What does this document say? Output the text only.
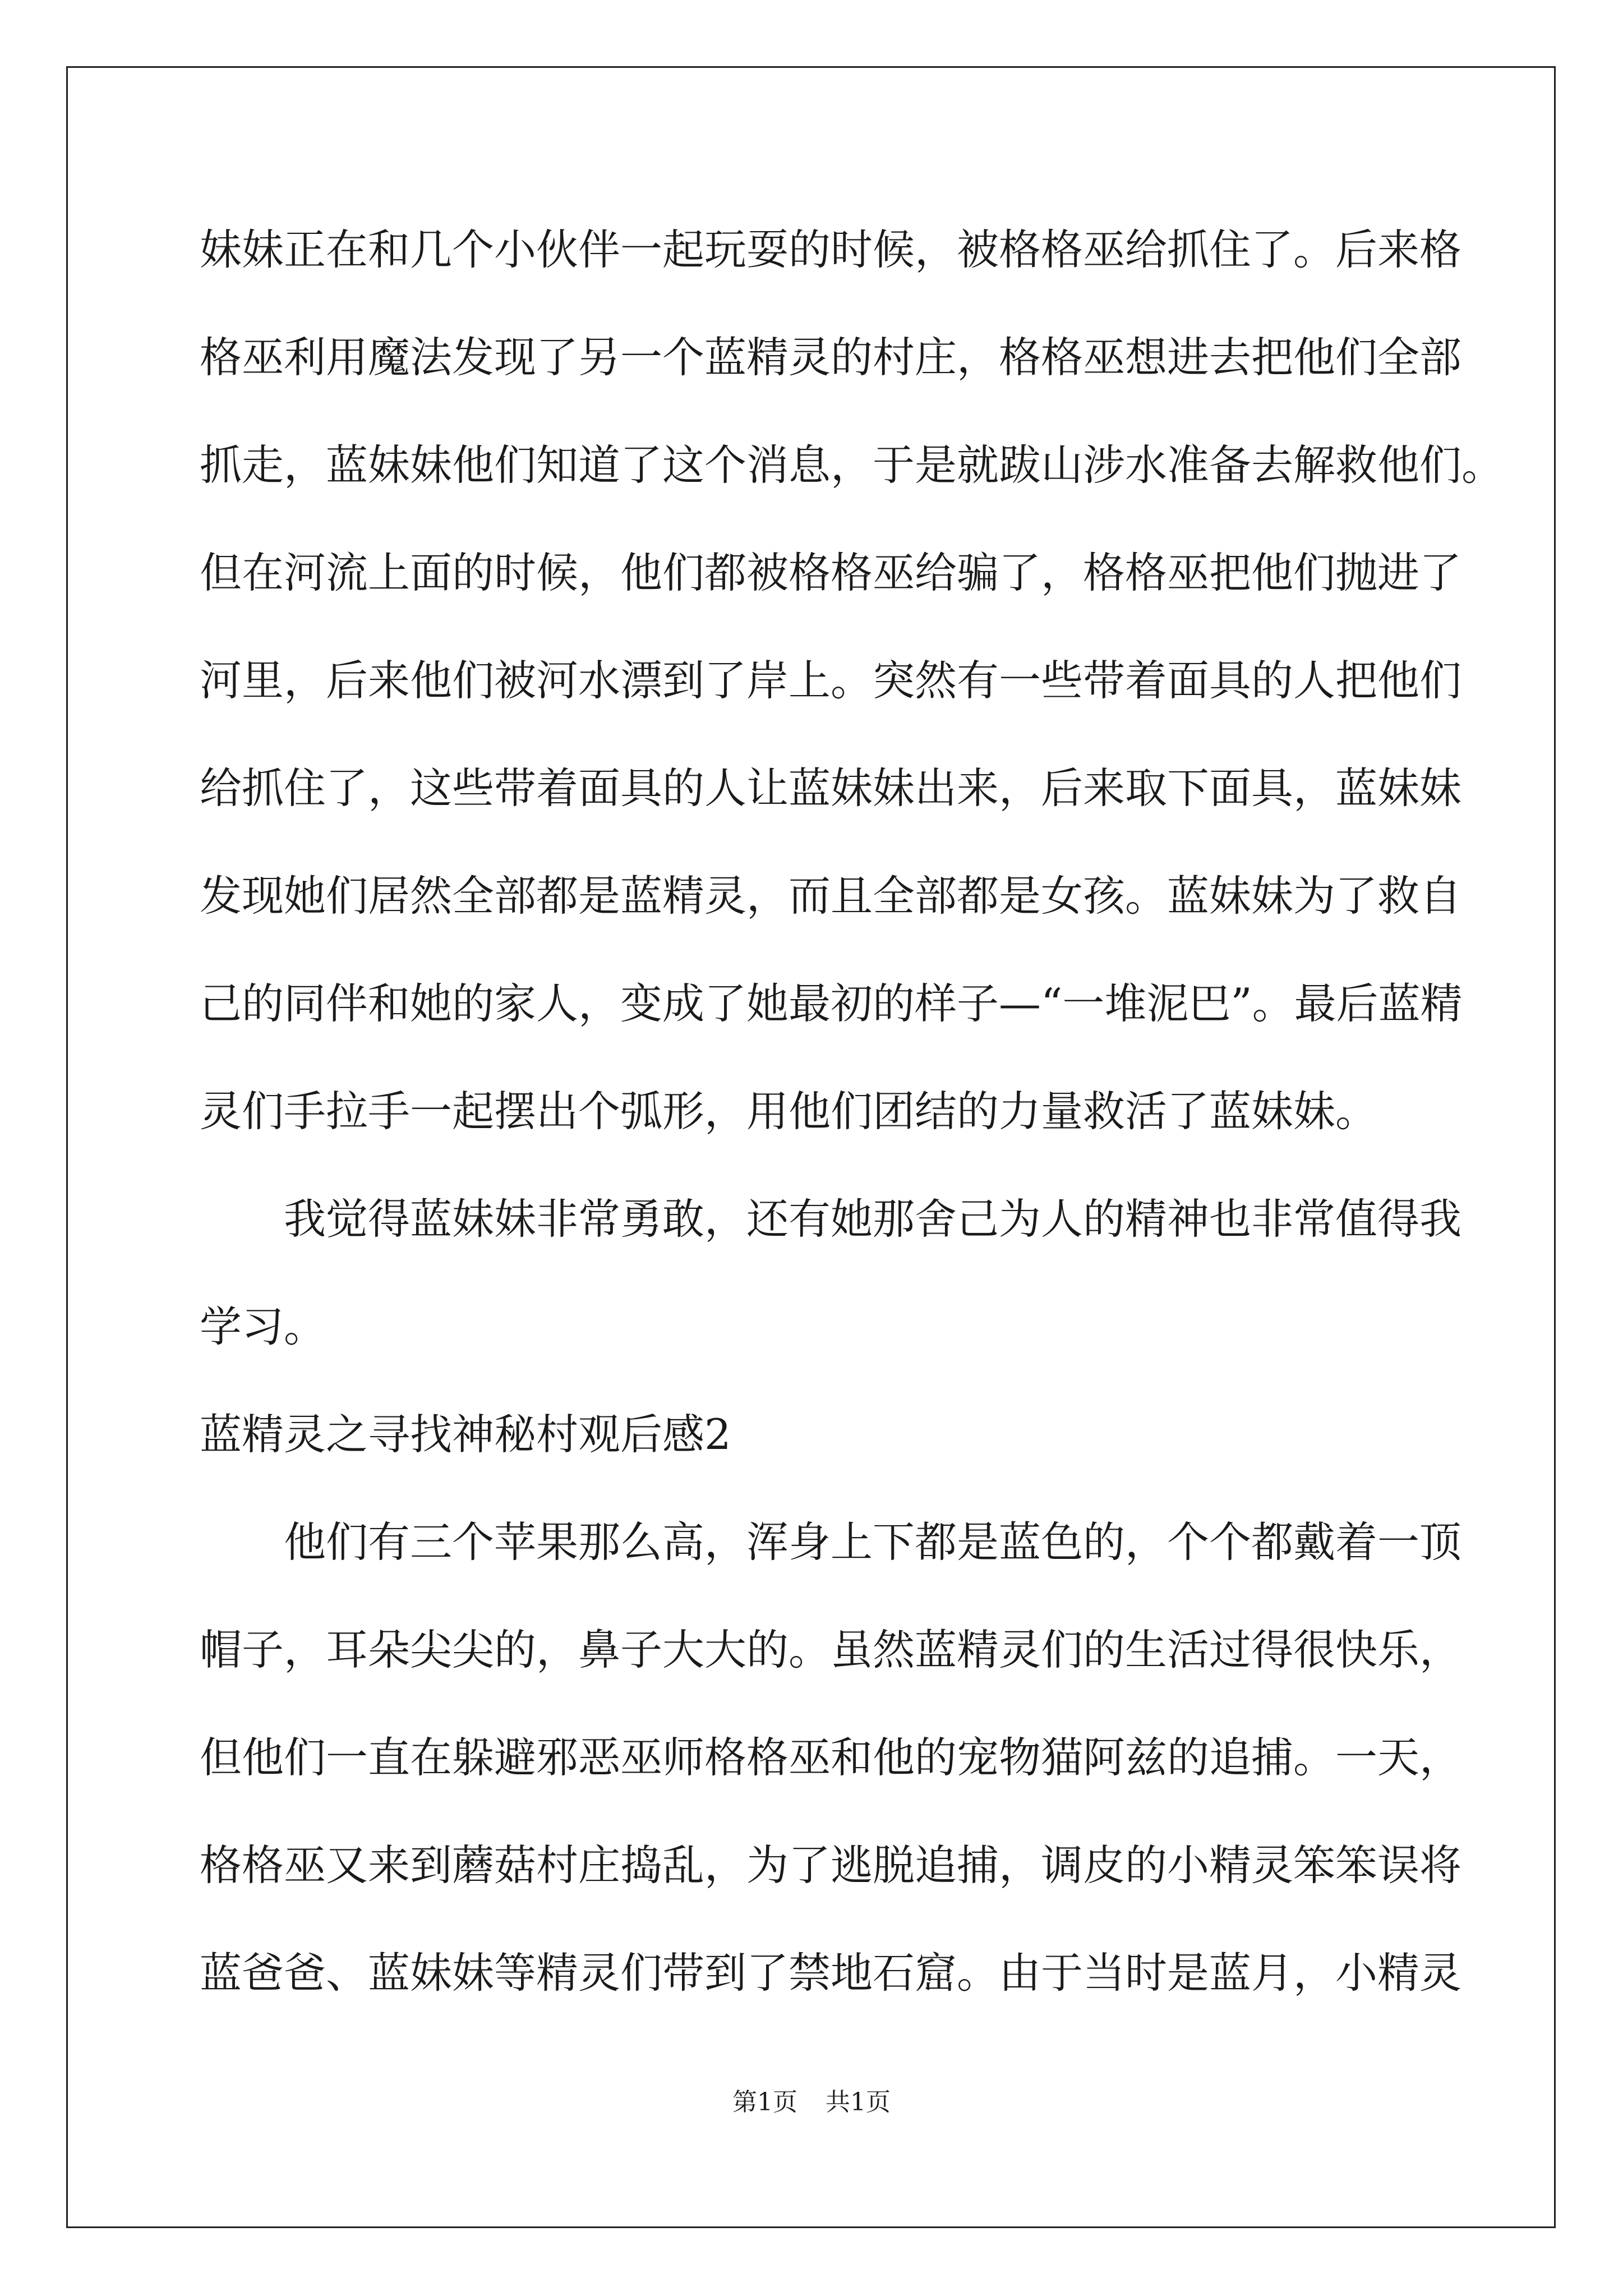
妹妹正在和几个小伙伴一起玩耍的时候，被格格巫给抓住了。后来格
格巫利用魔法发现了另一个蓝精灵的村庄，格格巫想进去把他们全部
抓走，蓝妹妹他们知道了这个消息，于是就跋山涉水准备去解救他们。
但在河流上面的时候，他们都被格格巫给骗了，格格巫把他们抛进了
河里，后来他们被河水漂到了岸上。突然有一些带着面具的人把他们
给抓住了，这些带着面具的人让蓝妹妹出来，后来取下面具，蓝妹妹
发现她们居然全部都是蓝精灵，而且全部都是女孩。蓝妹妹为了救自
己的同伴和她的家人，变成了她最初的样子—“一堆泥巴”。最后蓝精
灵们手拉手一起摆出个弧形，用他们团结的力量救活了蓝妹妹。
我觉得蓝妹妹非常勇敢，还有她那舍己为人的精神也非常值得我
学习。
蓝精灵之寻找神秘村观后感2
他们有三个苹果那么高，浑身上下都是蓝色的，个个都戴着一顶
帽子，耳朵尖尖的，鼻子大大的。虽然蓝精灵们的生活过得很快乐，
但他们一直在躲避邪恶巫师格格巫和他的宠物猫阿兹的追捕。一天，
格格巫又来到蘑菇村庄捣乱，为了逃脱追捕，调皮的小精灵笨笨误将
蓝爸爸、蓝妹妹等精灵们带到了禁地石窟。由于当时是蓝月，小精灵
第1页 共1页
